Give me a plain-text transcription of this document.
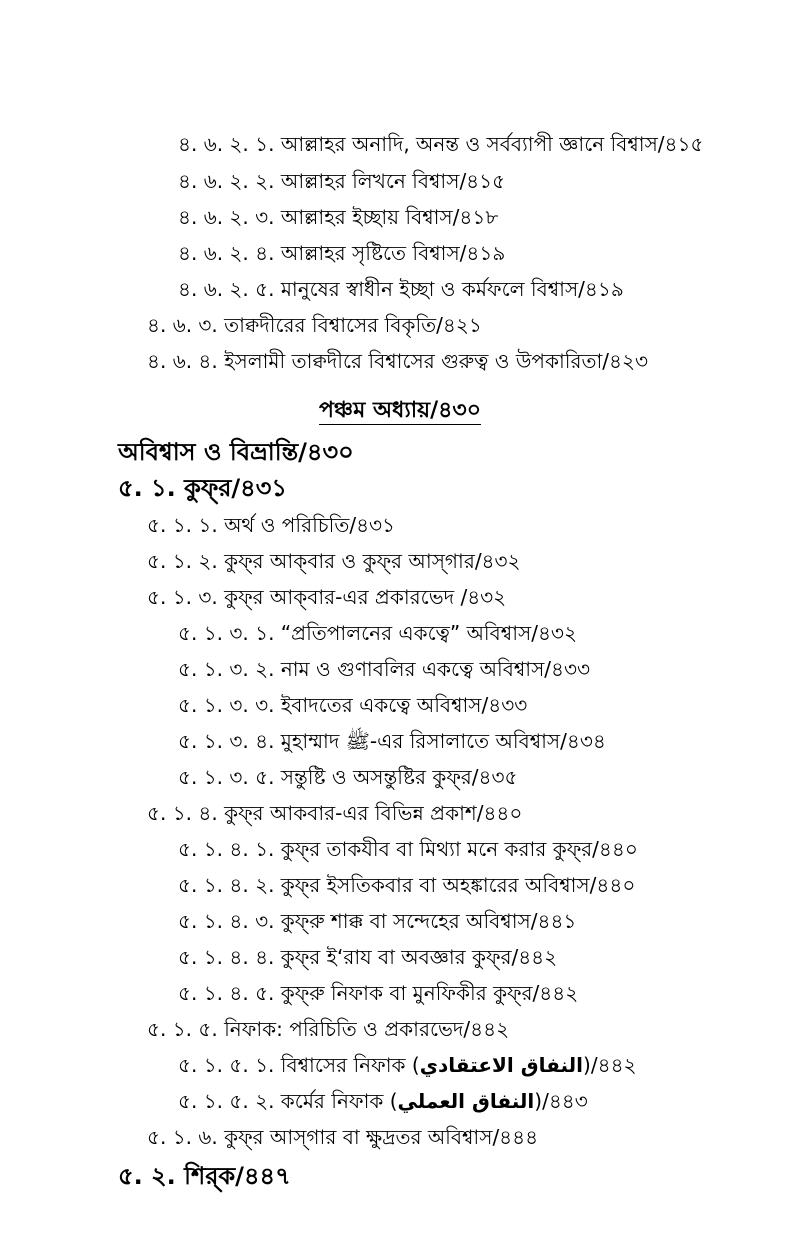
৪. ৬. ২. ১. আল্লাহর অনাদি, অনন্ত ও সর্বব্যাপী জ্ঞানে বিশ্বাস/৪১৫
৪. ৬. ২. ২. আল্লাহর লিখনে বিশ্বাস/৪১৫
৪. ৬. ২. ৩. আল্লাহর ইচ্ছায় বিশ্বাস/৪১৮
৪. ৬. ২. ৪. আল্লাহর সৃষ্টিতে বিশ্বাস/৪১৯
৪. ৬. ২. ৫. মানুষের স্বাধীন ইচ্ছা ও কর্মফলে বিশ্বাস/৪১৯
৪. ৬. ৩. তাক্বদীরের বিশ্বাসের বিকৃতি/৪২১
৪. ৬. ৪. ইসলামী তাক্বদীরে বিশ্বাসের গুরুত্ব ও উপকারিতা/৪২৩
পঞ্চম অধ্যায়/৪৩০
অবিশ্বাস ও বিভ্রান্তি/৪৩০
৫. ১. কুফ্‌র/৪৩১
৫. ১. ১. অর্থ ও পরিচিতি/৪৩১
৫. ১. ২. কুফ্‌র আক্‌বার ও কুফ্‌র আস্‌গার/৪৩২
৫. ১. ৩. কুফ্‌র আক্‌বার-এর প্রকারভেদ /৪৩২
৫. ১. ৩. ১. “প্রতিপালনের একত্বে” অবিশ্বাস/৪৩২
৫. ১. ৩. ২. নাম ও গুণাবলির একত্বে অবিশ্বাস/৪৩৩
৫. ১. ৩. ৩. ইবাদতের একত্বে অবিশ্বাস/৪৩৩
৫. ১. ৩. ৪. মুহাম্মাদ ﷺ-এর রিসালাতে অবিশ্বাস/৪৩৪
৫. ১. ৩. ৫. সন্তুষ্টি ও অসন্তুষ্টির কুফ্‌র/৪৩৫
৫. ১. ৪. কুফ্‌র আকবার-এর বিভিন্ন প্রকাশ/৪৪০
৫. ১. ৪. ১. কুফ্‌র তাকযীব বা মিথ্যা মনে করার কুফ্‌র/৪৪০
৫. ১. ৪. ২. কুফ্‌র ইসতিকবার বা অহঙ্কারের অবিশ্বাস/৪৪০
৫. ১. ৪. ৩. কুফ্‌রু শাক্ক বা সন্দেহের অবিশ্বাস/৪৪১
৫. ১. ৪. ৪. কুফ্‌র ই‘রায বা অবজ্ঞার কুফ্‌র/৪৪২
৫. ১. ৪. ৫. কুফ্‌রু নিফাক বা মুনফিকীর কুফ্‌র/৪৪২
৫. ১. ৫. নিফাক: পরিচিতি ও প্রকারভেদ/৪৪২
৫. ১. ৫. ১. বিশ্বাসের নিফাক (النفاق الاعتقادي)/৪৪২
৫. ১. ৫. ২. কর্মের নিফাক (النفاق العملي)/৪৪৩
৫. ১. ৬. কুফ্‌র আস্‌গার বা ক্ষুদ্রতর অবিশ্বাস/৪৪৪
৫. ২. শির্‌ক/৪৪৭
